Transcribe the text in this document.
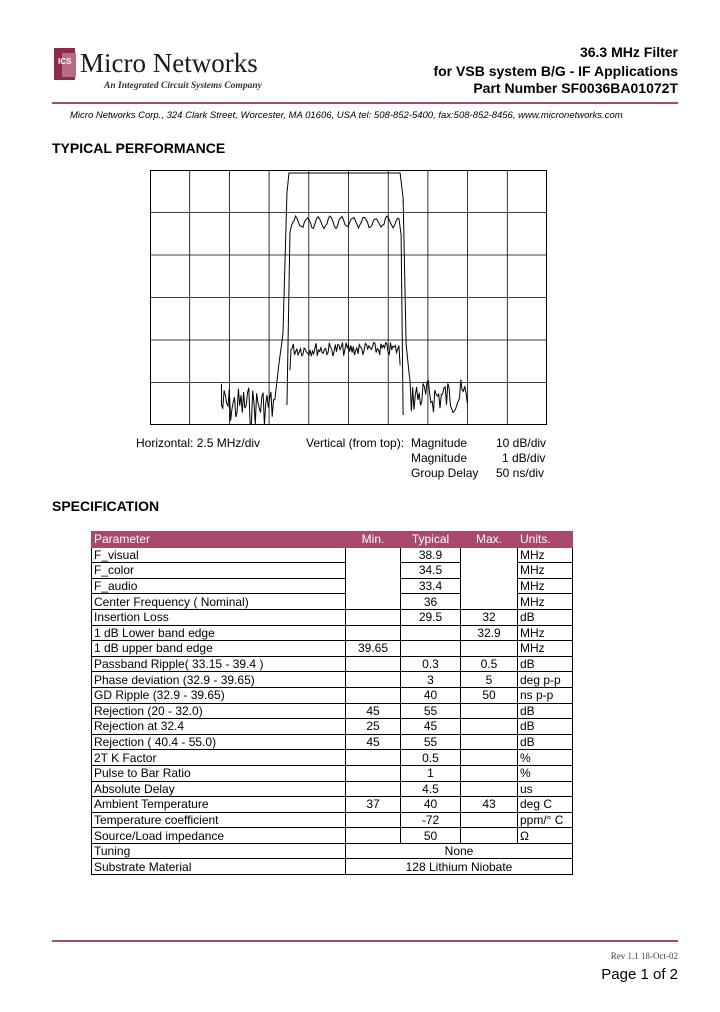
ICS Micro Networks
An Integrated Circuit Systems Company
36.3 MHz Filter
for VSB system B/G - IF Applications
Part Number SF0036BA01072T
Micro Networks Corp., 324 Clark Street, Worcester, MA 01606, USA tel: 508-852-5400, fax:508-852-8456, www.micronetworks.com
TYPICAL PERFORMANCE
Horizontal: 2.5 MHz/div	Vertical (from top): Magnitude 10 dB/div
Magnitude	1 dB/div
Group Delay 50 ns/div
SPECIFICATION
Parameter	Min.	Typical	Max.	Units.
F_visual		38.9		MHz
F_color		34.5		MHz
F_audio		33.4		MHz
Center Frequency ( Nominal)		36		MHz
Insertion Loss		29.5	32	dB
1 dB Lower band edge			32.9	MHz
1 dB upper band edge	39.65			MHz
Passband Ripple( 33.15 - 39.4 )		0.3	0.5	dB
Phase deviation (32.9 - 39.65)		3	5	deg p-p
GD Ripple (32.9 - 39.65)		40	50	ns p-p
Rejection (20 - 32.0)	45	55		dB
Rejection at 32.4	25	45		dB
Rejection ( 40.4 - 55.0)	45	55		dB
2T K Factor		0.5		%
Pulse to Bar Ratio		1		%
Absolute Delay		4.5		us
Ambient Temperature	37	40	43	deg C
Temperature coefficient		-72		ppm/° C
Source/Load impedance		50		Ω
Tuning	None			
Substrate Material	128 Lithium Niobate			
Rev 1.1 18-Oct-02
Page 1 of 2
